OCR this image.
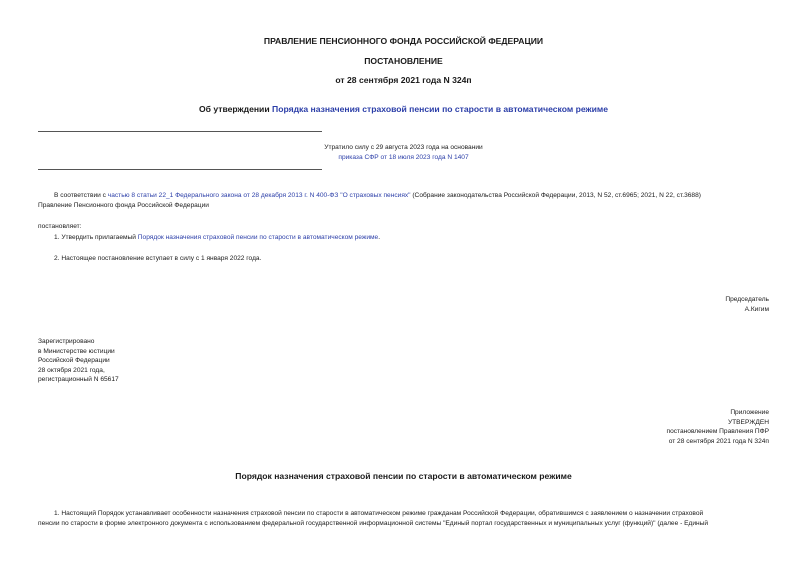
ПРАВЛЕНИЕ ПЕНСИОННОГО ФОНДА РОССИЙСКОЙ ФЕДЕРАЦИИ
ПОСТАНОВЛЕНИЕ
от 28 сентября 2021 года N 324п
Об утверждении Порядка назначения страховой пенсии по старости в автоматическом режиме
Утратило силу с 29 августа 2023 года на основании
приказа СФР от 18 июля 2023 года N 1407
В соответствии с частью 8 статьи 22_1 Федерального закона от 28 декабря 2013 г. N 400-ФЗ "О страховых пенсиях" (Собрание законодательства Российской Федерации, 2013, N 52, ст.6965; 2021, N 22, ст.3688)
Правление Пенсионного фонда Российской Федерации
постановляет:
1. Утвердить прилагаемый Порядок назначения страховой пенсии по старости в автоматическом режиме.
2. Настоящее постановление вступает в силу с 1 января 2022 года.
Председатель
А.Кигим
Зарегистрировано
в Министерстве юстиции
Российской Федерации
28 октября 2021 года,
регистрационный N 65617
Приложение
УТВЕРЖДЕН
постановлением Правления ПФР
от 28 сентября 2021 года N 324п
Порядок назначения страховой пенсии по старости в автоматическом режиме
1. Настоящий Порядок устанавливает особенности назначения страховой пенсии по старости в автоматическом режиме гражданам Российской Федерации, обратившимся с заявлением о назначении страховой
пенсии по старости в форме электронного документа с использованием федеральной государственной информационной системы "Единый портал государственных и муниципальных услуг (функций)" (далее - Единый
